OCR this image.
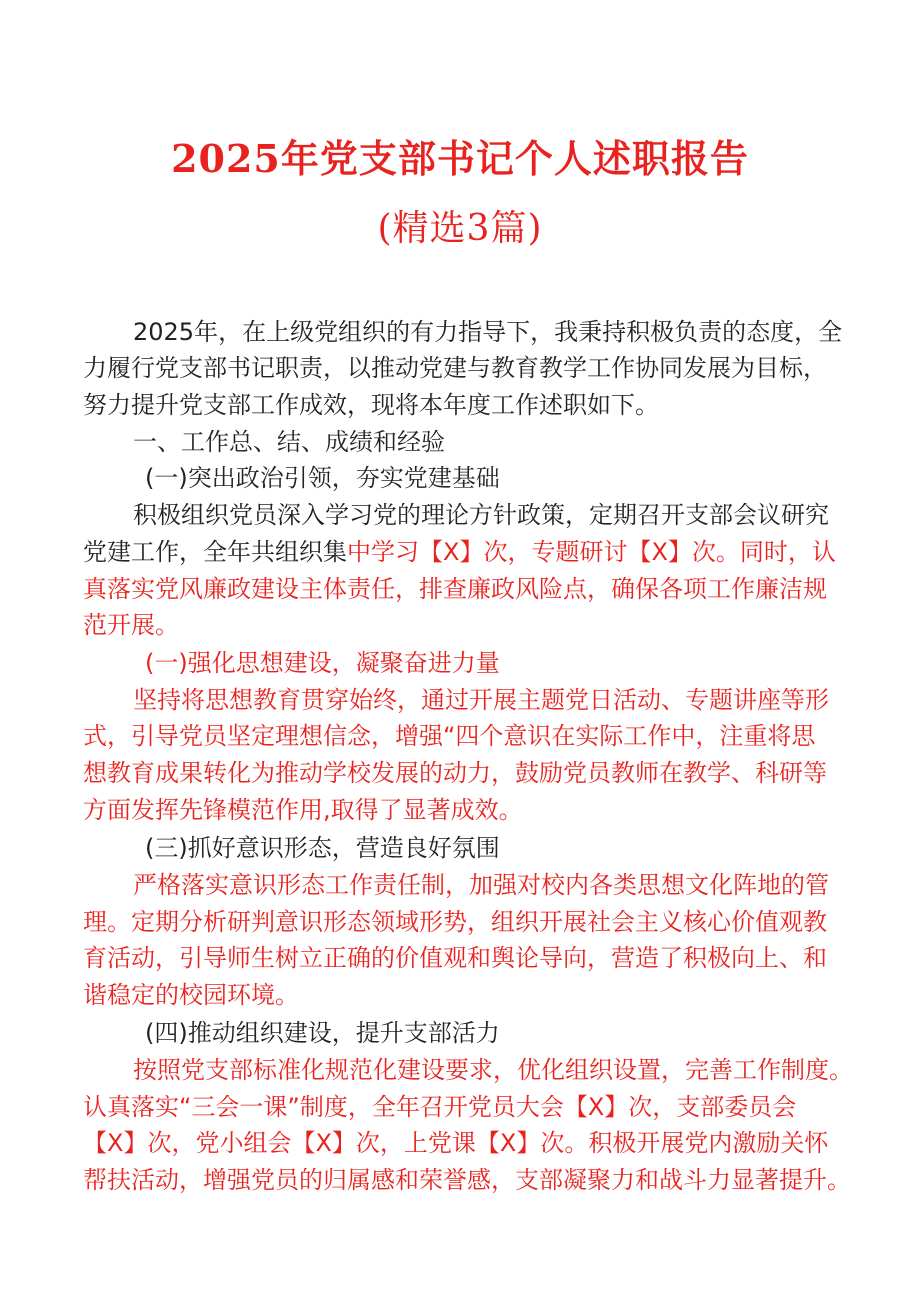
2025年党支部书记个人述职报告
(精选3篇)
2025年，在上级党组织的有力指导下，我秉持积极负责的态度，全
力履行党支部书记职责，以推动党建与教育教学工作协同发展为目标，
努力提升党支部工作成效，现将本年度工作述职如下。
一、工作总、结、成绩和经验
(一)突出政治引领，夯实党建基础
积极组织党员深入学习党的理论方针政策，定期召开支部会议研究
党建工作，全年共组织集中学习【X】次，专题研讨【X】次。同时，认
真落实党风廉政建设主体责任，排查廉政风险点，确保各项工作廉洁规
范开展。
(一)强化思想建设，凝聚奋进力量
坚持将思想教育贯穿始终，通过开展主题党日活动、专题讲座等形
式，引导党员坚定理想信念，增强“四个意识在实际工作中，注重将思
想教育成果转化为推动学校发展的动力，鼓励党员教师在教学、科研等
方面发挥先锋模范作用,取得了显著成效。
(三)抓好意识形态，营造良好氛围
严格落实意识形态工作责任制，加强对校内各类思想文化阵地的管
理。定期分析研判意识形态领域形势，组织开展社会主义核心价值观教
育活动，引导师生树立正确的价值观和舆论导向，营造了积极向上、和
谐稳定的校园环境。
(四)推动组织建设，提升支部活力
按照党支部标准化规范化建设要求，优化组织设置，完善工作制度。
认真落实“三会一课”制度，全年召开党员大会【X】次，支部委员会
【X】次，党小组会【X】次，上党课【X】次。积极开展党内激励关怀
帮扶活动，增强党员的归属感和荣誉感，支部凝聚力和战斗力显著提升。
